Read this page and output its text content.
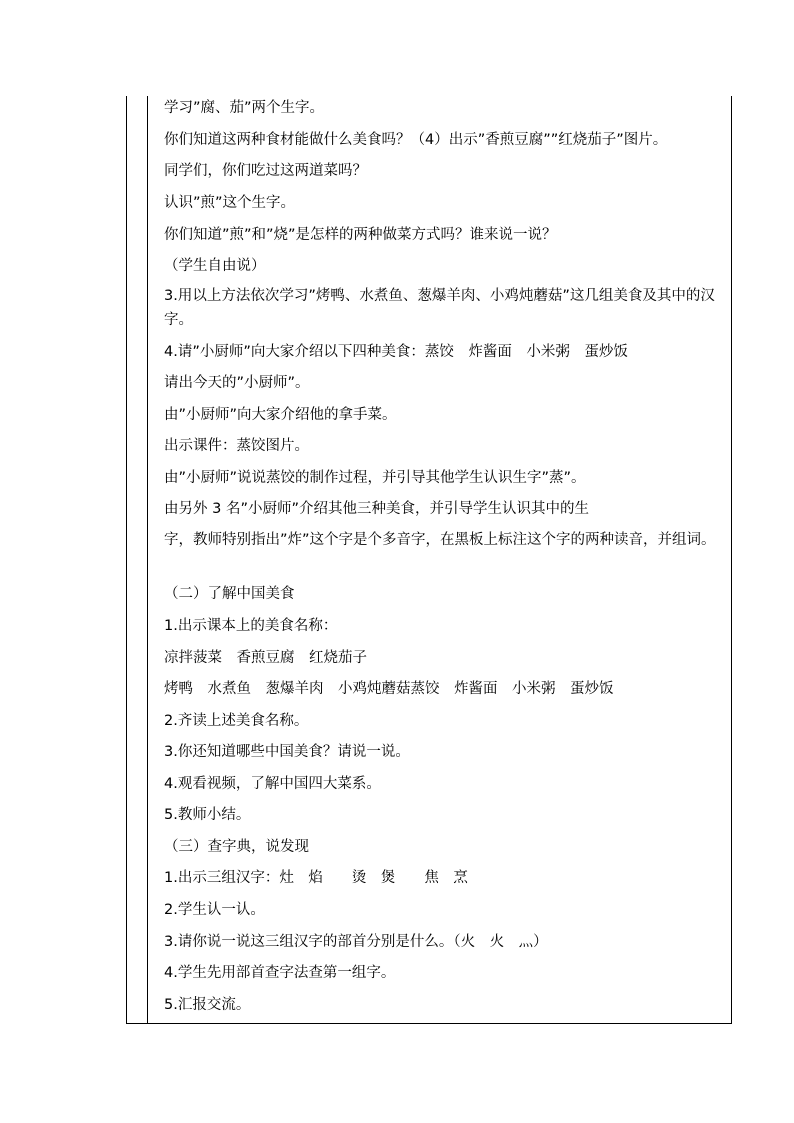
学习”腐、茄”两个生字。
你们知道这两种食材能做什么美食吗？（4）出示”香煎豆腐””红烧茄子”图片。
同学们，你们吃过这两道菜吗？
认识”煎”这个生字。
你们知道”煎”和”烧”是怎样的两种做菜方式吗？谁来说一说？
（学生自由说）
3.用以上方法依次学习”烤鸭、水煮鱼、葱爆羊肉、小鸡炖蘑菇”这几组美食及其中的汉字。
4.请”小厨师”向大家介绍以下四种美食：蒸饺　炸酱面　小米粥　蛋炒饭
请出今天的”小厨师”。
由”小厨师”向大家介绍他的拿手菜。
出示课件：蒸饺图片。
由”小厨师”说说蒸饺的制作过程，并引导其他学生认识生字”蒸”。
由另外 3 名”小厨师”介绍其他三种美食，并引导学生认识其中的生
字，教师特别指出”炸”这个字是个多音字，在黑板上标注这个字的两种读音，并组词。
（二）了解中国美食
1.出示课本上的美食名称：
凉拌菠菜　香煎豆腐　红烧茄子
烤鸭　水煮鱼　葱爆羊肉　小鸡炖蘑菇蒸饺　炸酱面　小米粥　蛋炒饭
2.齐读上述美食名称。
3.你还知道哪些中国美食？请说一说。
4.观看视频，了解中国四大菜系。
5.教师小结。
（三）查字典，说发现
1.出示三组汉字：灶　焰　　烫　煲　　焦　烹
2.学生认一认。
3.请你说一说这三组汉字的部首分别是什么。（火　火　灬）
4.学生先用部首查字法查第一组字。
5.汇报交流。
